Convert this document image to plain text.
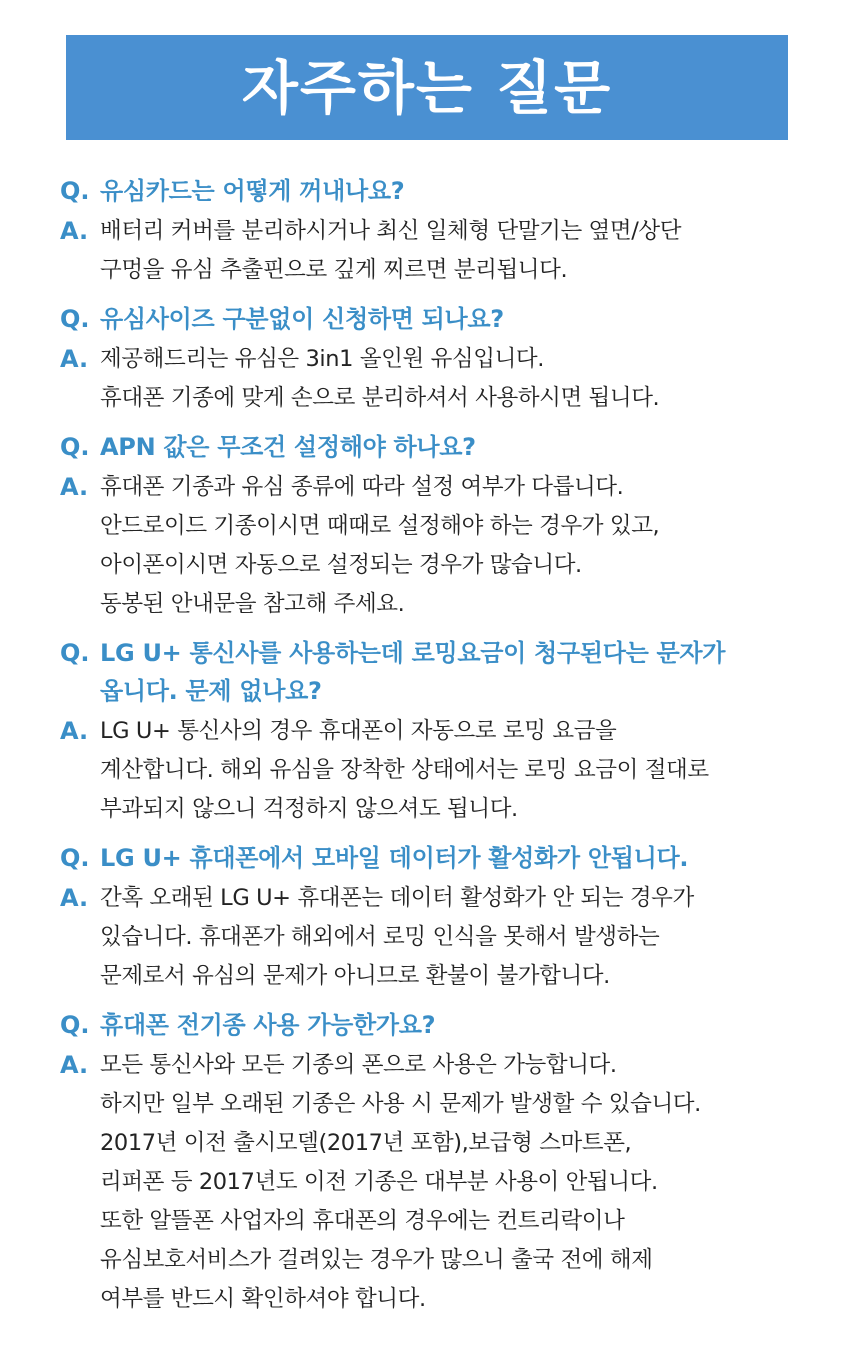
자주하는 질문
Q. 유심카드는 어떻게 꺼내나요?
A. 배터리 커버를 분리하시거나 최신 일체형 단말기는 옆면/상단
구멍을 유심 추출핀으로 깊게 찌르면 분리됩니다.
Q. 유심사이즈 구분없이 신청하면 되나요?
A. 제공해드리는 유심은 3in1 올인원 유심입니다.
휴대폰 기종에 맞게 손으로 분리하셔서 사용하시면 됩니다.
Q. APN 값은 무조건 설정해야 하나요?
A. 휴대폰 기종과 유심 종류에 따라 설정 여부가 다릅니다.
안드로이드 기종이시면 때때로 설정해야 하는 경우가 있고,
아이폰이시면 자동으로 설정되는 경우가 많습니다.
동봉된 안내문을 참고해 주세요.
Q. LG U+ 통신사를 사용하는데 로밍요금이 청구된다는 문자가
옵니다. 문제 없나요?
A. LG U+ 통신사의 경우 휴대폰이 자동으로 로밍 요금을
계산합니다. 해외 유심을 장착한 상태에서는 로밍 요금이 절대로
부과되지 않으니 걱정하지 않으셔도 됩니다.
Q. LG U+ 휴대폰에서 모바일 데이터가 활성화가 안됩니다.
A. 간혹 오래된 LG U+ 휴대폰는 데이터 활성화가 안 되는 경우가
있습니다. 휴대폰가 해외에서 로밍 인식을 못해서 발생하는
문제로서 유심의 문제가 아니므로 환불이 불가합니다.
Q. 휴대폰 전기종 사용 가능한가요?
A. 모든 통신사와 모든 기종의 폰으로 사용은 가능합니다.
하지만 일부 오래된 기종은 사용 시 문제가 발생할 수 있습니다.
2017년 이전 출시모델(2017년 포함),보급형 스마트폰,
리퍼폰 등 2017년도 이전 기종은 대부분 사용이 안됩니다.
또한 알뜰폰 사업자의 휴대폰의 경우에는 컨트리락이나
유심보호서비스가 걸려있는 경우가 많으니 출국 전에 해제
여부를 반드시 확인하셔야 합니다.
